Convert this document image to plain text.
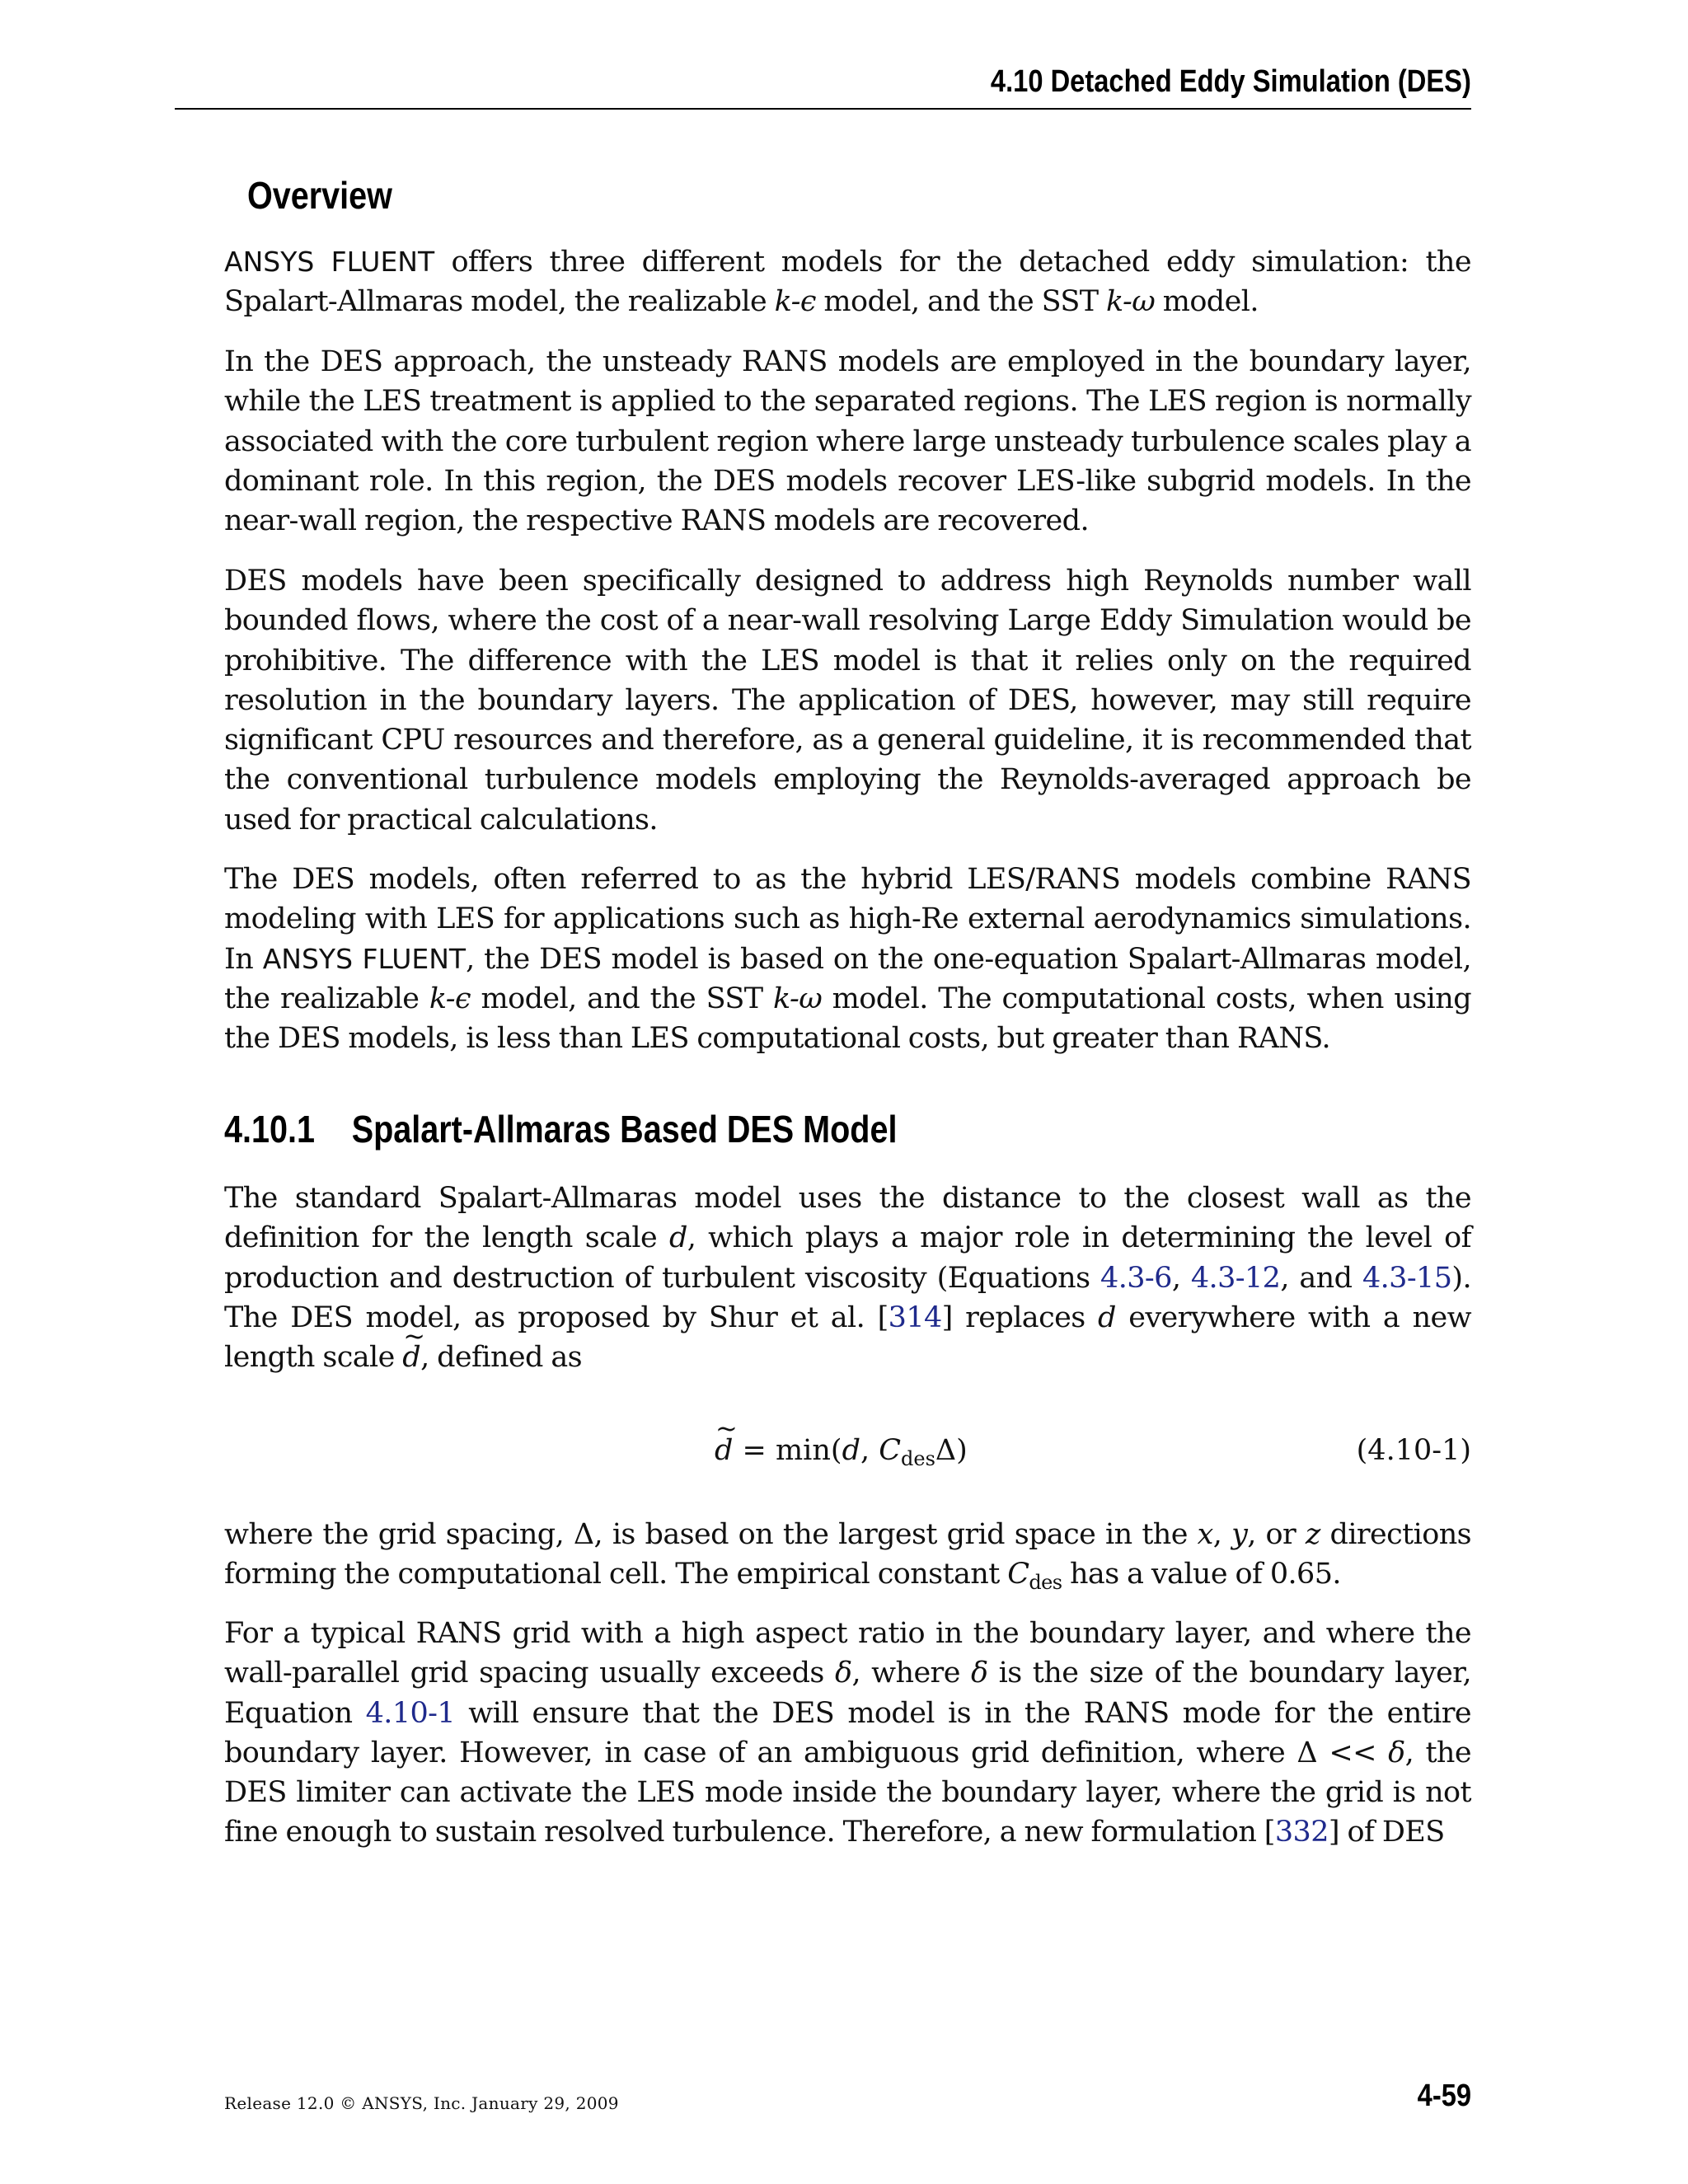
4.10 Detached Eddy Simulation (DES)
Overview

ANSYS FLUENT offers three different models for the detached eddy simulation: the Spalart-Allmaras model, the realizable k-ϵ model, and the SST k-ω model.

In the DES approach, the unsteady RANS models are employed in the boundary layer, while the LES treatment is applied to the separated regions. The LES region is normally associated with the core turbulent region where large unsteady turbulence scales play a dominant role. In this region, the DES models recover LES-like subgrid models. In the near-wall region, the respective RANS models are recovered.

DES models have been specifically designed to address high Reynolds number wall bounded flows, where the cost of a near-wall resolving Large Eddy Simulation would be prohibitive. The difference with the LES model is that it relies only on the required resolution in the boundary layers. The application of DES, however, may still require significant CPU resources and therefore, as a general guideline, it is recommended that the conventional turbulence models employing the Reynolds-averaged approach be used for practical calculations.

The DES models, often referred to as the hybrid LES/RANS models combine RANS modeling with LES for applications such as high-Re external aerodynamics simulations. In ANSYS FLUENT, the DES model is based on the one-equation Spalart-Allmaras model, the realizable k-ϵ model, and the SST k-ω model. The computational costs, when using the DES models, is less than LES computational costs, but greater than RANS.

4.10.1 Spalart-Allmaras Based DES Model

The standard Spalart-Allmaras model uses the distance to the closest wall as the definition for the length scale d, which plays a major role in determining the level of production and destruction of turbulent viscosity (Equations 4.3-6, 4.3-12, and 4.3-15). The DES model, as proposed by Shur et al. [314] replaces d everywhere with a new length scale d ~, defined as

d ~ = min(d, $C_{des}\Delta$)	(4.10-1)

where the grid spacing, Δ, is based on the largest grid space in the x, y, or z directions forming the computational cell. The empirical constant $C_{des}$ has a value of 0.65.

For a typical RANS grid with a high aspect ratio in the boundary layer, and where the wall-parallel grid spacing usually exceeds δ, where δ is the size of the boundary layer, Equation 4.10-1 will ensure that the DES model is in the RANS mode for the entire boundary layer. However, in case of an ambiguous grid definition, where Δ << δ, the DES limiter can activate the LES mode inside the boundary layer, where the grid is not fine enough to sustain resolved turbulence. Therefore, a new formulation [332] of DES

Release 12.0 © ANSYS, Inc. January 29, 2009	4-59
